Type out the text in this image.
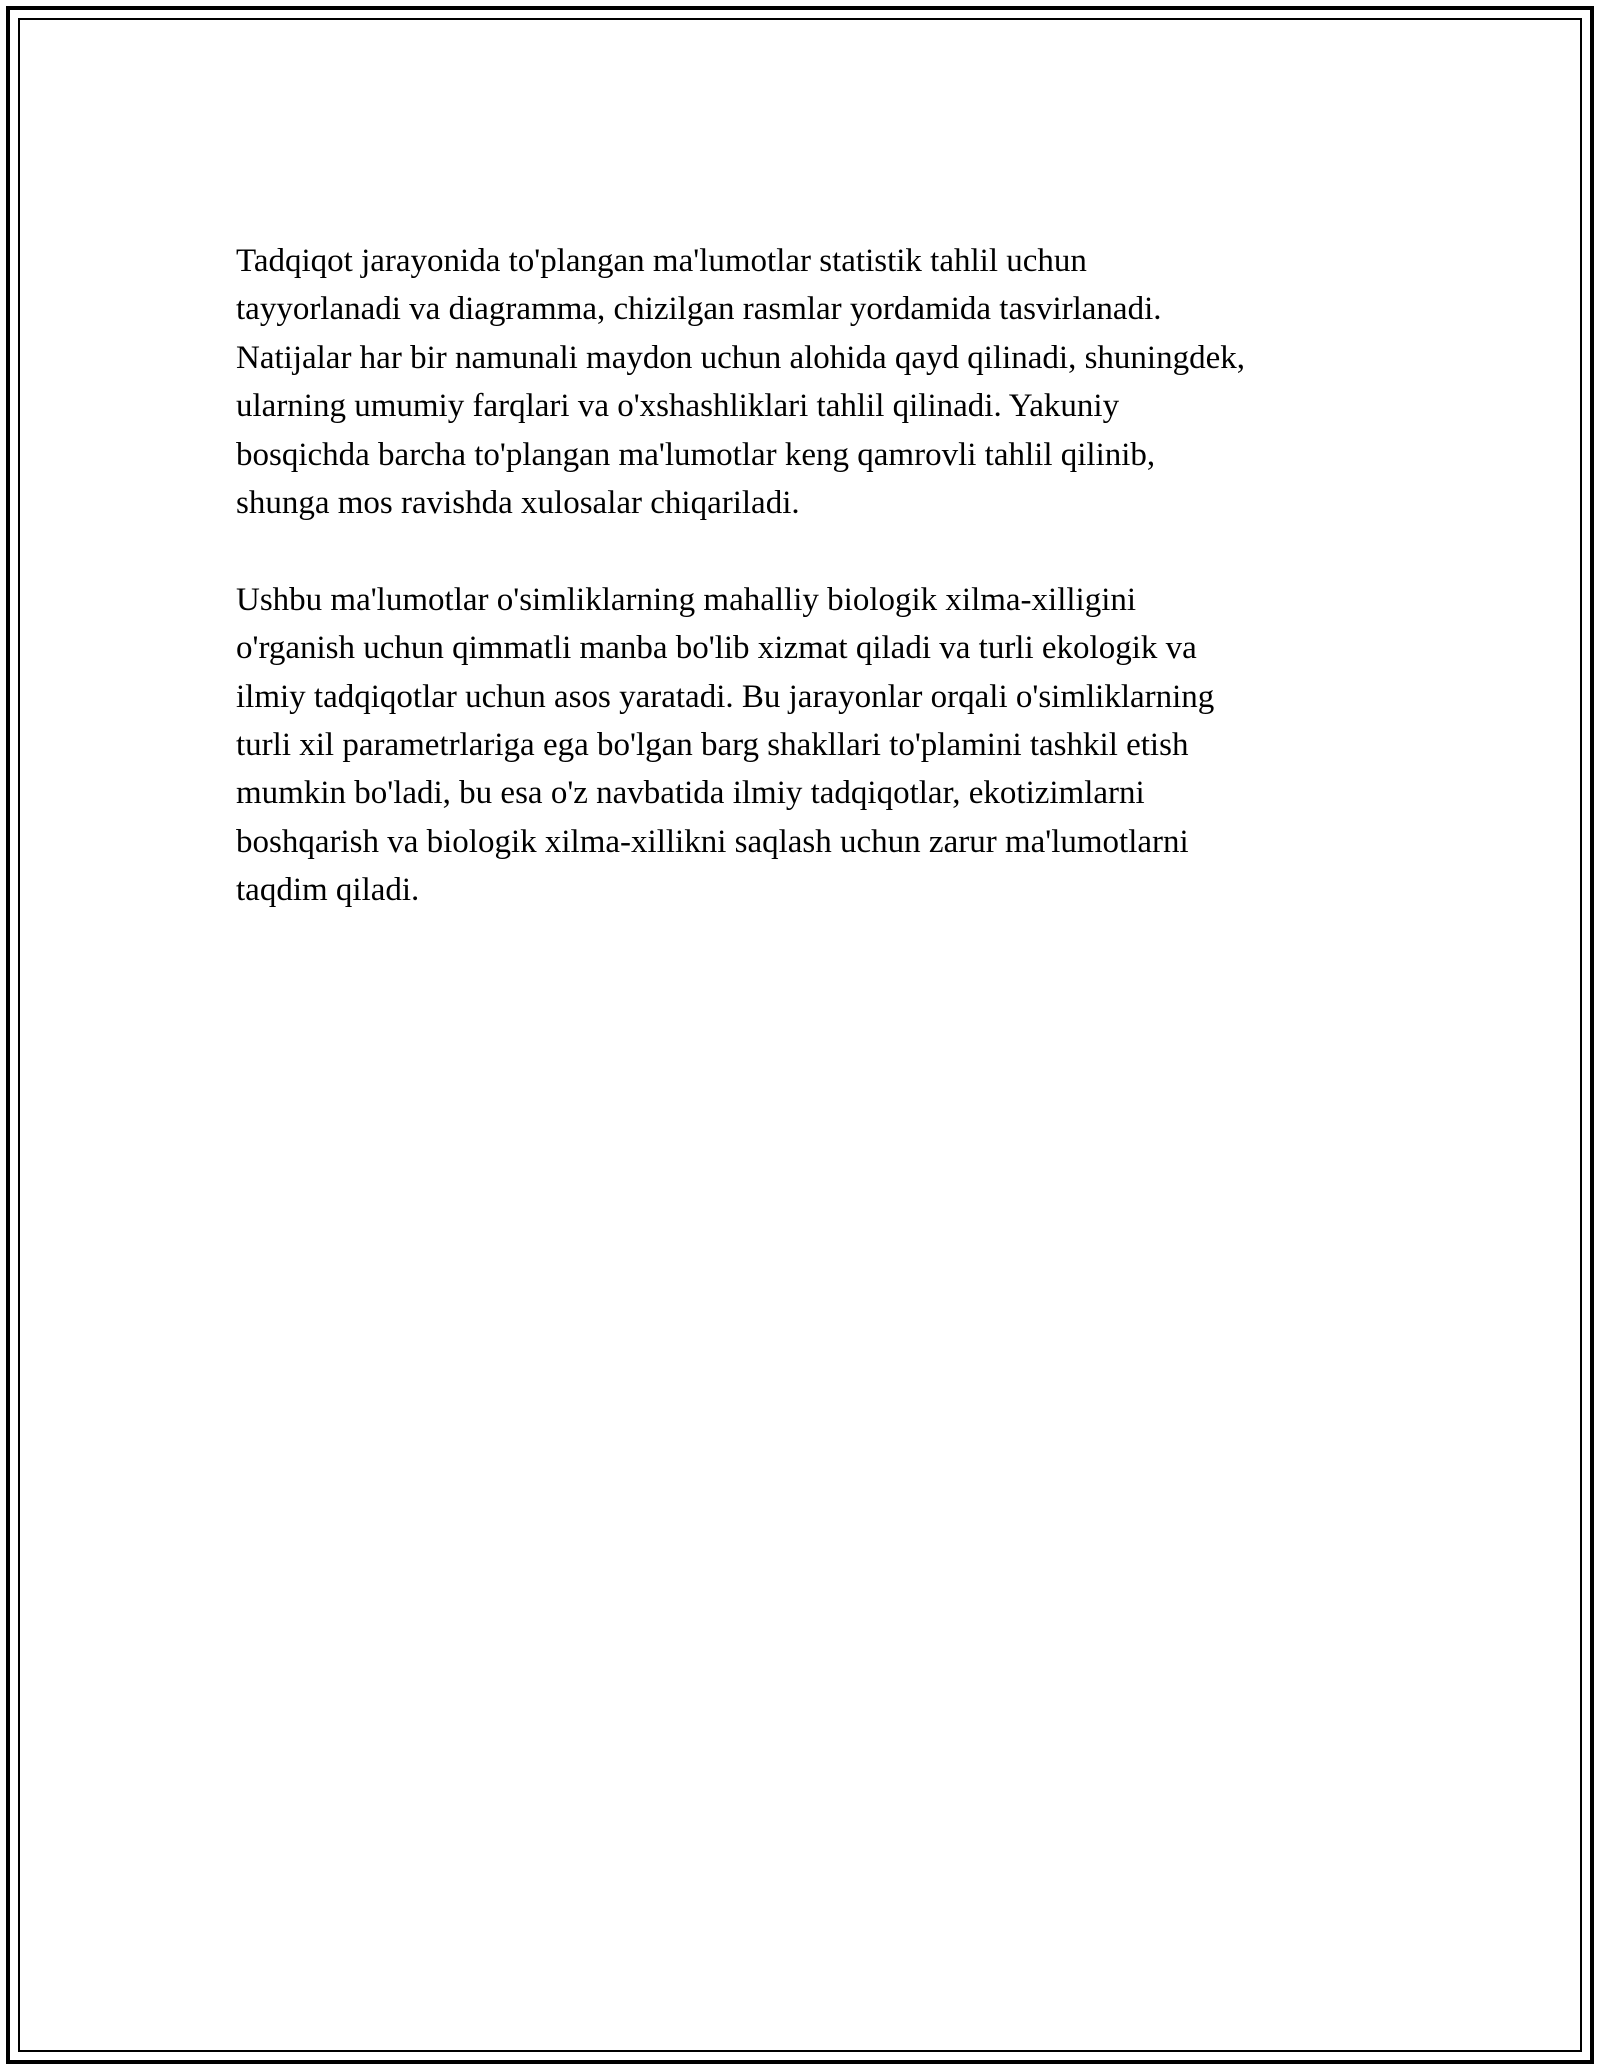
Tadqiqot jarayonida to'plangan ma'lumotlar statistik tahlil uchun
tayyorlanadi va diagramma, chizilgan rasmlar yordamida tasvirlanadi.
Natijalar har bir namunali maydon uchun alohida qayd qilinadi, shuningdek,
ularning umumiy farqlari va o'xshashliklari tahlil qilinadi. Yakuniy
bosqichda barcha to'plangan ma'lumotlar keng qamrovli tahlil qilinib,
shunga mos ravishda xulosalar chiqariladi.

Ushbu ma'lumotlar o'simliklarning mahalliy biologik xilma-xilligini
o'rganish uchun qimmatli manba bo'lib xizmat qiladi va turli ekologik va
ilmiy tadqiqotlar uchun asos yaratadi. Bu jarayonlar orqali o'simliklarning
turli xil parametrlariga ega bo'lgan barg shakllari to'plamini tashkil etish
mumkin bo'ladi, bu esa o'z navbatida ilmiy tadqiqotlar, ekotizimlarni
boshqarish va biologik xilma-xillikni saqlash uchun zarur ma'lumotlarni
taqdim qiladi.
